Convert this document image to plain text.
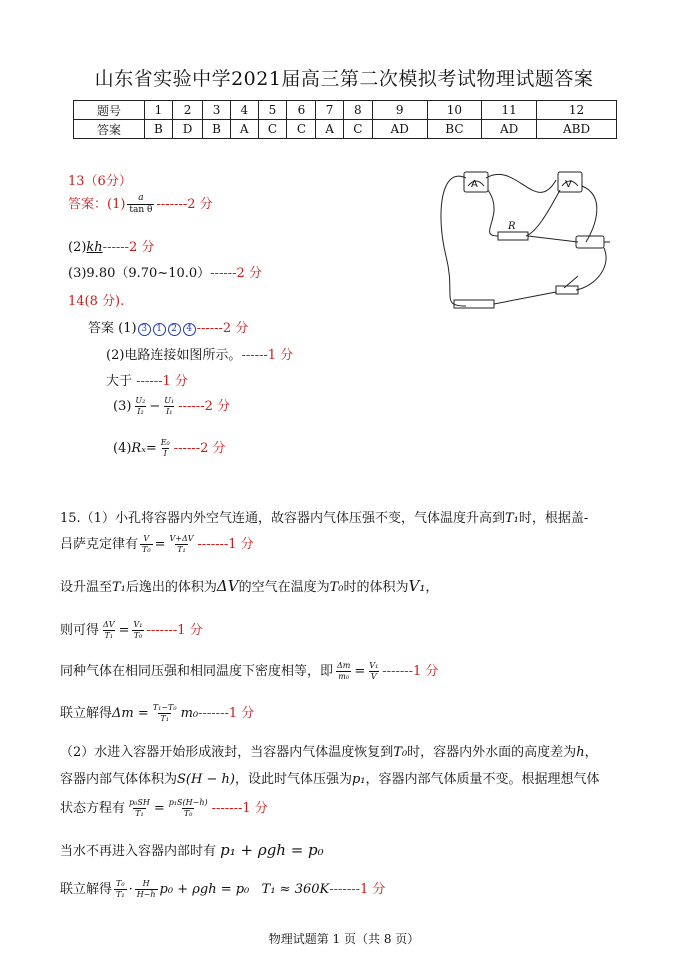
山东省实验中学2021届高三第二次模拟考试物理试题答案
题号	1	2	3	4	5	6	7	8	9	10	11	12
答案	B	D	B	A	C	C	A	C	AD	BC	AD	ABD
13（6分）
答案：$(1) \frac{a}{\text{tan θ}} -------2$ 分
(2)kh------2 分
(3)9.80（9.70~10.0）------2 分
14(8 分).
答案 (1) 3 1 2 4 ------2 分
(2)电路连接如图所示。------1 分
大于 ------1 分
$(3) \frac{\text{U₂}}{\text{I₂}} - \frac{\text{U₁}}{\text{I₁}} ------2$ 分
$(4)R_x= \frac{\text{E₀}}{I} ------2$ 分
A	V
R
15.（1）小孔将容器内外空气连通，故容器内气体压强不变，气体温度升高到T₁时，根据盖-
吕萨克定律有 $\frac{V}{\text{T₀}} = \frac{V+\Delta V}{\text{T₁}} -------1$ 分
设升温至T₁后逸出的体积为ΔV的空气在温度为T₀时的体积为V₁，
则可得 $\frac{\Delta V}{\text{T₁}} = \frac{\text{V₁}}{\text{T₀}} -------1$ 分
同种气体在相同压强和相同温度下密度相等，即 $\frac{\Delta m}{\text{m₀}} = \frac{\text{V₁}}{V} -------1$ 分
联立解得$\Delta m = \frac{\text{T₁−T₀}}{\text{T₁}} m_0-------1$ 分
（2）水进入容器开始形成液封，当容器内气体温度恢复到T₀时，容器内外水面的高度差为h，
容器内部气体体积为S(H − h)，设此时气体压强为p₁，容器内部气体质量不变。根据理想气体
状态方程有 $\frac{\text{p₀SH}}{\text{T₁}} = \frac{\text{p₁S(H−h)}}{\text{T₀}} -------1$ 分
当水不再进入容器内部时有 p₁ + ρgh = p₀
联立解得 $\frac{\text{T₀}}{\text{T₁}} \cdot \frac{H}{H-h} p_0 + \rho gh = p_0$ T₁ ≈ 360K-------1 分
物理试题第 1 页（共 8 页）
